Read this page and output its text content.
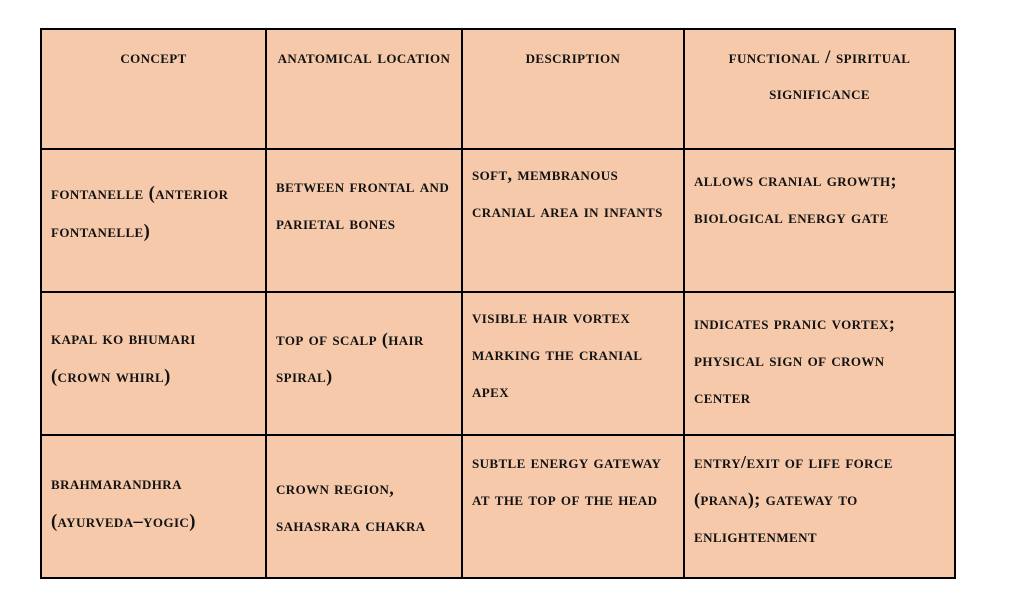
concept	anatomical location	description	functional / spiritual significance

fontanelle (anterior fontanelle)	between frontal and parietal bones	soft, membranous cranial area in infants	allows cranial growth; biological energy gate

kapal ko bhumari (crown whirl)	top of scalp (hair spiral)	visible hair vortex marking the cranial apex	indicates pranic vortex; physical sign of crown center

brahmarandhra (ayurveda–yogic)	crown region, sahasrara chakra	subtle energy gateway at the top of the head	entry/exit of life force (prana); gateway to enlightenment
